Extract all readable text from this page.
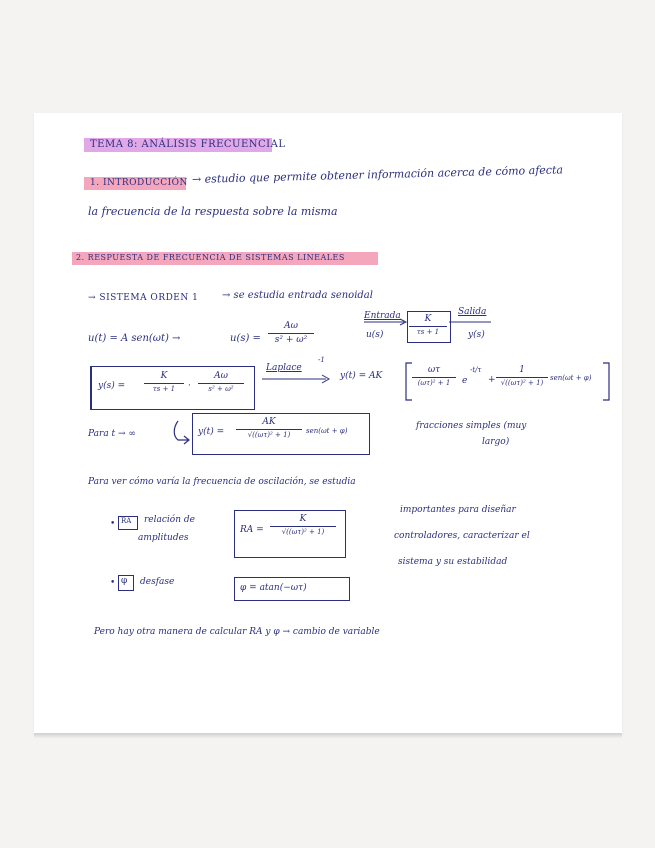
TEMA 8: ANÁLISIS FRECUENCIAL
1. INTRODUCCIÓN → estudio que permite obtener información acerca de cómo afecta
la frecuencia de la respuesta sobre la misma
2. RESPUESTA DE FRECUENCIA DE SISTEMAS LINEALES
→ SISTEMA ORDEN 1 → se estudia entrada senoidal
u(t) = A sen(ωt) →	u(s) =
Aω
s² + ω²
Entrada
u(s)
K
τs + 1
Salida
y(s)
y(s) =
K
τs + 1 ·
Aω
s² + ω²
Laplace
-1
y(t) = AK
ωτ
(ωτ)² + 1 e
-t/τ
+
1
√((ωτ)² + 1)
sen(ωt + φ)
Para t → ∞	y(t) =
AK
√((ωτ)² + 1) sen(ωt + φ)	fracciones simples (muy
largo)
Para ver cómo varía la frecuencia de oscilación, se estudia
• RA relación de
amplitudes
RA =
K
√((ωτ)² + 1)
• φ desfase
φ = atan(−ωτ)
importantes para diseñar
controladores, caracterizar el
sistema y su estabilidad
Pero hay otra manera de calcular RA y φ → cambio de variable
